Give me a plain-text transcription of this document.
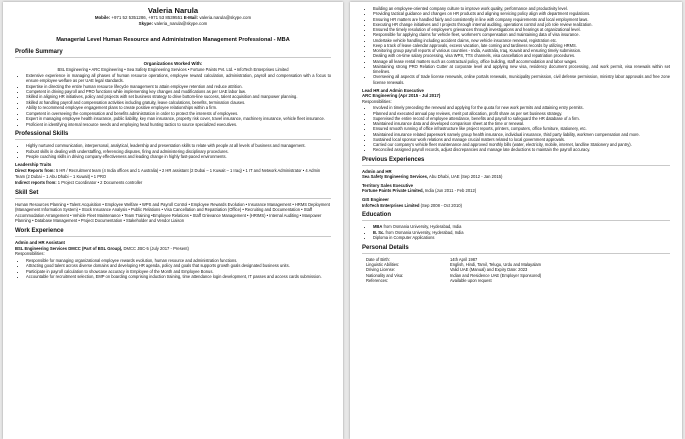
Valeria Narula
Mobile: +971 52 5351286, +971 53 8539551 E-Mail: valeria.narula@skype.com
Skype: valeria_narula@skype.com
Managerial Level Human Resource and Administration Management Professional - MBA
Profile Summary
Organizations Worked With:
BSL Engineering • ARC Engineering • Sea Safety Engineering Services • Fortune Paints Pvt. Ltd. • InfoTech Enterprises Limited
• Extensive experience in managing all phases of human resource operations, employee reward calculation, administration, payroll and compensation with a focus to ensure employee welfare as per UAE legal standards.
• Expertise in directing the entire human resource lifecycle management to attain employee retention and reduce attrition.
• Competent in driving payroll and PRO functions while implementing key changes and modifications as per UAE labor law.
• Skilled in aligning HR initiatives, policy and projects with set business strategy to drive bottom-line success, talent acquisition and manpower planning.
• Skilled at handling payroll and compensation activities including gratuity, leave calculations, benefits, termination clauses.
• Ability to recommend employee engagement plans to create positive employee relationships within a firm.
• Competent in overseeing the compensation and benefits administration in order to protect the interests of employees.
• Expert in managing employee health insurance, public liability, key man insurance, property risk cover, travel insurance, machinery insurance, vehicle fleet insurance.
• Proficient in identifying internal resource needs and employing head hunting tactics to source specialized executives.
Professional Skills
• Highly nurtured communication, interpersonal, analytical, leadership and presentation skills to relate with people at all levels of business and management.
• Robust skills in dealing with understaffing, referencing disputes, firing and administering disciplinary procedures.
• People coaching skills in driving company effectiveness and leading change in highly fast-paced environments.
Leadership Traits
Direct Reports from: 5 HR / Recruitment team (4 India offices and 1 Australia) • 2 HR assistant (2 Dubai – 1 Kuwait – 1 Iraq) • 1 IT and Network Administrator • 4 Admin Team (2 Dubai – 1 Abu Dhabi – 1 Kuwait) • 1 PRO
Indirect reports from: 1 Project Coordinator • 2 Documents controller
Skill Set
Human Resources Planning • Talent Acquisition • Employee Welfare • WPS and Payroll Control • Employee Rewards Evolution • Insurance Management • HRMS Deployment (Management Information System) • Stock Insurance Analysis • Public Relations • Visa Cancellation and Repatriation (Office) • Recruiting and Documentation • Staff Accommodation Arrangement • Vehicle Fleet Maintenance • Team Training •Employee Relations • Staff Grievance Management • (HRIMS) • Internal Auditing • Manpower Planning • Database Management • Project Documentation • Stakeholder and Vendor Liaison
Work Experience
Admin and HR Assistant
BSL Engineering Services DMCC (Part of BSL Group), DMCC JBC-5 (July 2017 - Present)
Responsibilities:
• Responsible for managing organizational employee rewards evolution, human resource and administration functions.
• Attracting good talent across diverse domains and developing HR agenda, policy and goals that supports growth goals designated business units.
• Participate in payroll calculation to showcase accuracy in Employee of the Month and Employee Bonus.
• Accountable for recruitment selection, EMP on boarding comprising induction training, time attendance login development, IT passes and access cards submission.
• Building an employee-oriented company culture to improve work quality, performance and productivity level.
• Providing tactical guidance and changes on HR products and aligning servicing policy align with department regulations.
• Ensuring HR matters are handled fairly and consistently in line with company requirements and local employment laws.
• Executing HR change initiatives and I projects through internal auditing, operations control and job role review realization.
• Ensured the timely resolution of employee's grievances through investigations and hearings at organizational level.
• Responsible for applying claims for vehicle fleet, workmen's compensation and maintaining data of visa insurance.
• Undertake vehicle handling including accident claims, new vehicle insurance renewal, registration etc.
• Keep a track of leave calendar approvals, excess vacation, late coming and tardiness records by utilizing HRMS.
• Monitoring group payroll reports of various countries - India, Australia, Iraq, Kuwait and ensuring timely submission.
• Dealing with on-time salary processing, visa WPS, TTS channels, visa cancellation and repatriation procedures.
• Manage all lease rental matters such as contractual policy, office building, staff accommodation and labor wages.
• Maintaining strong PRO Relation Cutter at corporate level and applying new visa, residency document processing, and work permit, visa renewals within set timelines.
• Overseeing all aspects of trade license renewals, online portals renewals, municipality permission, civil defense permission, ministry labor approvals and free zone license renewals.
Lead HR and Admin Executive
ARC Engineering (Apr 2015 - Jul 2017)
Responsibilities:
• Involved in timely preceding the renewal and applying for the quota for new work permits and attaining entry permits.
• Planned and executed annual pay reviews, merit pot allocation, profit share as per set business strategy.
• Supervised the entire record of employee attendance, benefits and payroll to safeguard the HR database of a firm.
• Maintained insurance data and developed comparison sheet at the time or renewal.
• Ensured smooth running of office infrastructure like project reports, printers, computers, office furniture, stationery, etc.
• Maintained insurance related paperwork namely group health insurance, individual insurance, third party liability, workmen compensation and more.
• Sustained local sponsor work relations and manage crucial matters related to local government approvals.
• Carried our company's vehicle fleet maintenance and approved monthly bills (water, electricity, mobile, internet, landline Stationery and pantry).
• Reconciled assigned payroll records, adjust discrepancies and manage late deductions to maintain the payroll accuracy.
Previous Experiences
Admin and HR
Sea Safety Engineering Services, Abu Dhabi, UAE (Sep 2012 - Jan 2015)
Territory Sales Executive
Fortune Paints Private Limited, India (Jun 2011 - Feb 2012)
GIS Engineer
InfoTech Enterprises Limited (Sep 2008 - Oct 2010)
Education
• MBA from Osmania University, Hyderabad, India
• B. Sc. from Osmania University, Hyderabad, India
• Diploma in Computer Applications
Personal Details
Date of Birth:	14th April 1987
Linguistic Abilities:	English, Hindi, Tamil, Telugu, Urdu and Malayalam
Driving License:	Valid UAE (Manual) and Expiry Date: 2023
Nationality and Visa:	Indian and Residence UAE (Employer Sponsored)
References:	Available upon request
